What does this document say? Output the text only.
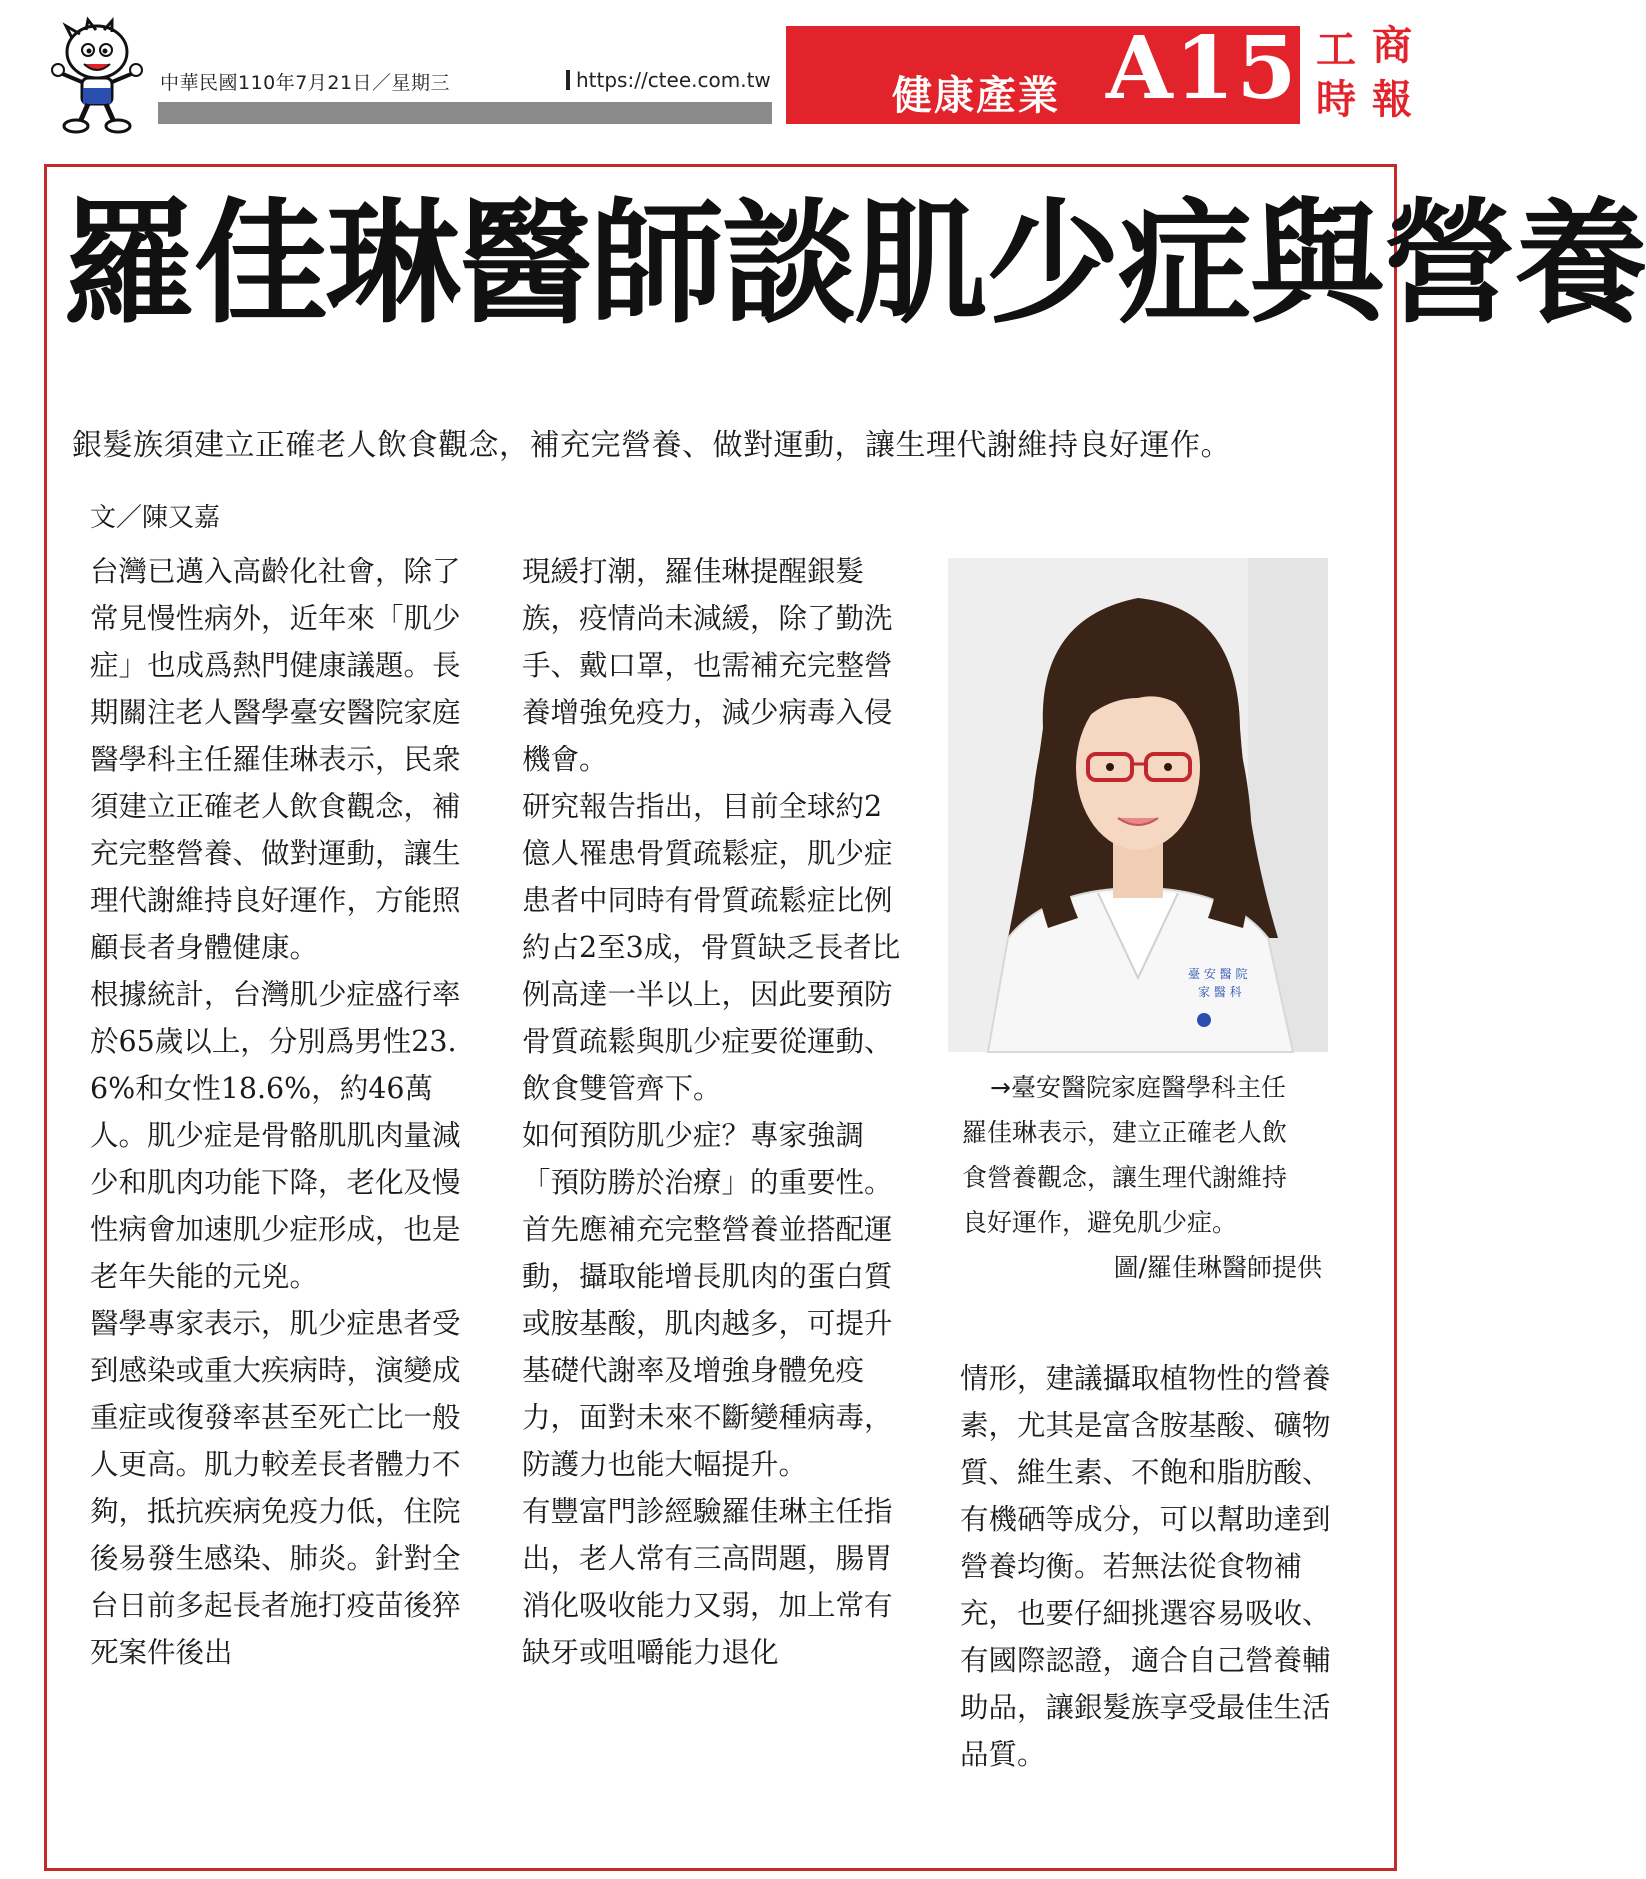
中華民國110年7月21日／星期三	https://ctee.com.tw	健康產業 A15 工 商
時 報
羅佳琳醫師談肌少症與營養
銀髮族須建立正確老人飲食觀念，補充完營養、做對運動，讓生理代謝維持良好運作。
文／陳又嘉

台灣已邁入高齡化社會，除了常見慢性病外，近年來「肌少症」也成爲熱門健康議題。長期關注老人醫學臺安醫院家庭醫學科主任羅佳琳表示，民衆須建立正確老人飲食觀念，補充完整營養、做對運動，讓生理代謝維持良好運作，方能照顧長者身體健康。

根據統計，台灣肌少症盛行率於65歲以上，分別爲男性23.6%和女性18.6%，約46萬人。肌少症是骨骼肌肌肉量減少和肌肉功能下降，老化及慢性病會加速肌少症形成，也是老年失能的元兇。

醫學專家表示，肌少症患者受到感染或重大疾病時，演變成重症或復發率甚至死亡比一般人更高。肌力較差長者體力不夠，抵抗疾病免疫力低，住院後易發生感染、肺炎。針對全台日前多起長者施打疫苗後猝死案件後出

現緩打潮，羅佳琳提醒銀髮族，疫情尚未減緩，除了勤洗手、戴口罩，也需補充完整營養增強免疫力，減少病毒入侵機會。

研究報告指出，目前全球約2億人罹患骨質疏鬆症，肌少症患者中同時有骨質疏鬆症比例約占2至3成，骨質缺乏長者比例高達一半以上，因此要預防骨質疏鬆與肌少症要從運動、飲食雙管齊下。

如何預防肌少症？專家強調「預防勝於治療」的重要性。首先應補充完整營養並搭配運動，攝取能增長肌肉的蛋白質或胺基酸，肌肉越多，可提升基礎代謝率及增強身體免疫力，面對未來不斷變種病毒，防護力也能大幅提升。

有豐富門診經驗羅佳琳主任指出，老人常有三高問題，腸胃消化吸收能力又弱，加上常有缺牙或咀嚼能力退化

臺 安 醫 院
家 醫 科
→臺安醫院家庭醫學科主任
羅佳琳表示，建立正確老人飲
食營養觀念，讓生理代謝維持
良好運作，避免肌少症。
圖/羅佳琳醫師提供

情形，建議攝取植物性的營養素，尤其是富含胺基酸、礦物質、維生素、不飽和脂肪酸、有機硒等成分，可以幫助達到營養均衡。若無法從食物補充，也要仔細挑選容易吸收、有國際認證，適合自己營養輔助品，讓銀髮族享受最佳生活品質。
